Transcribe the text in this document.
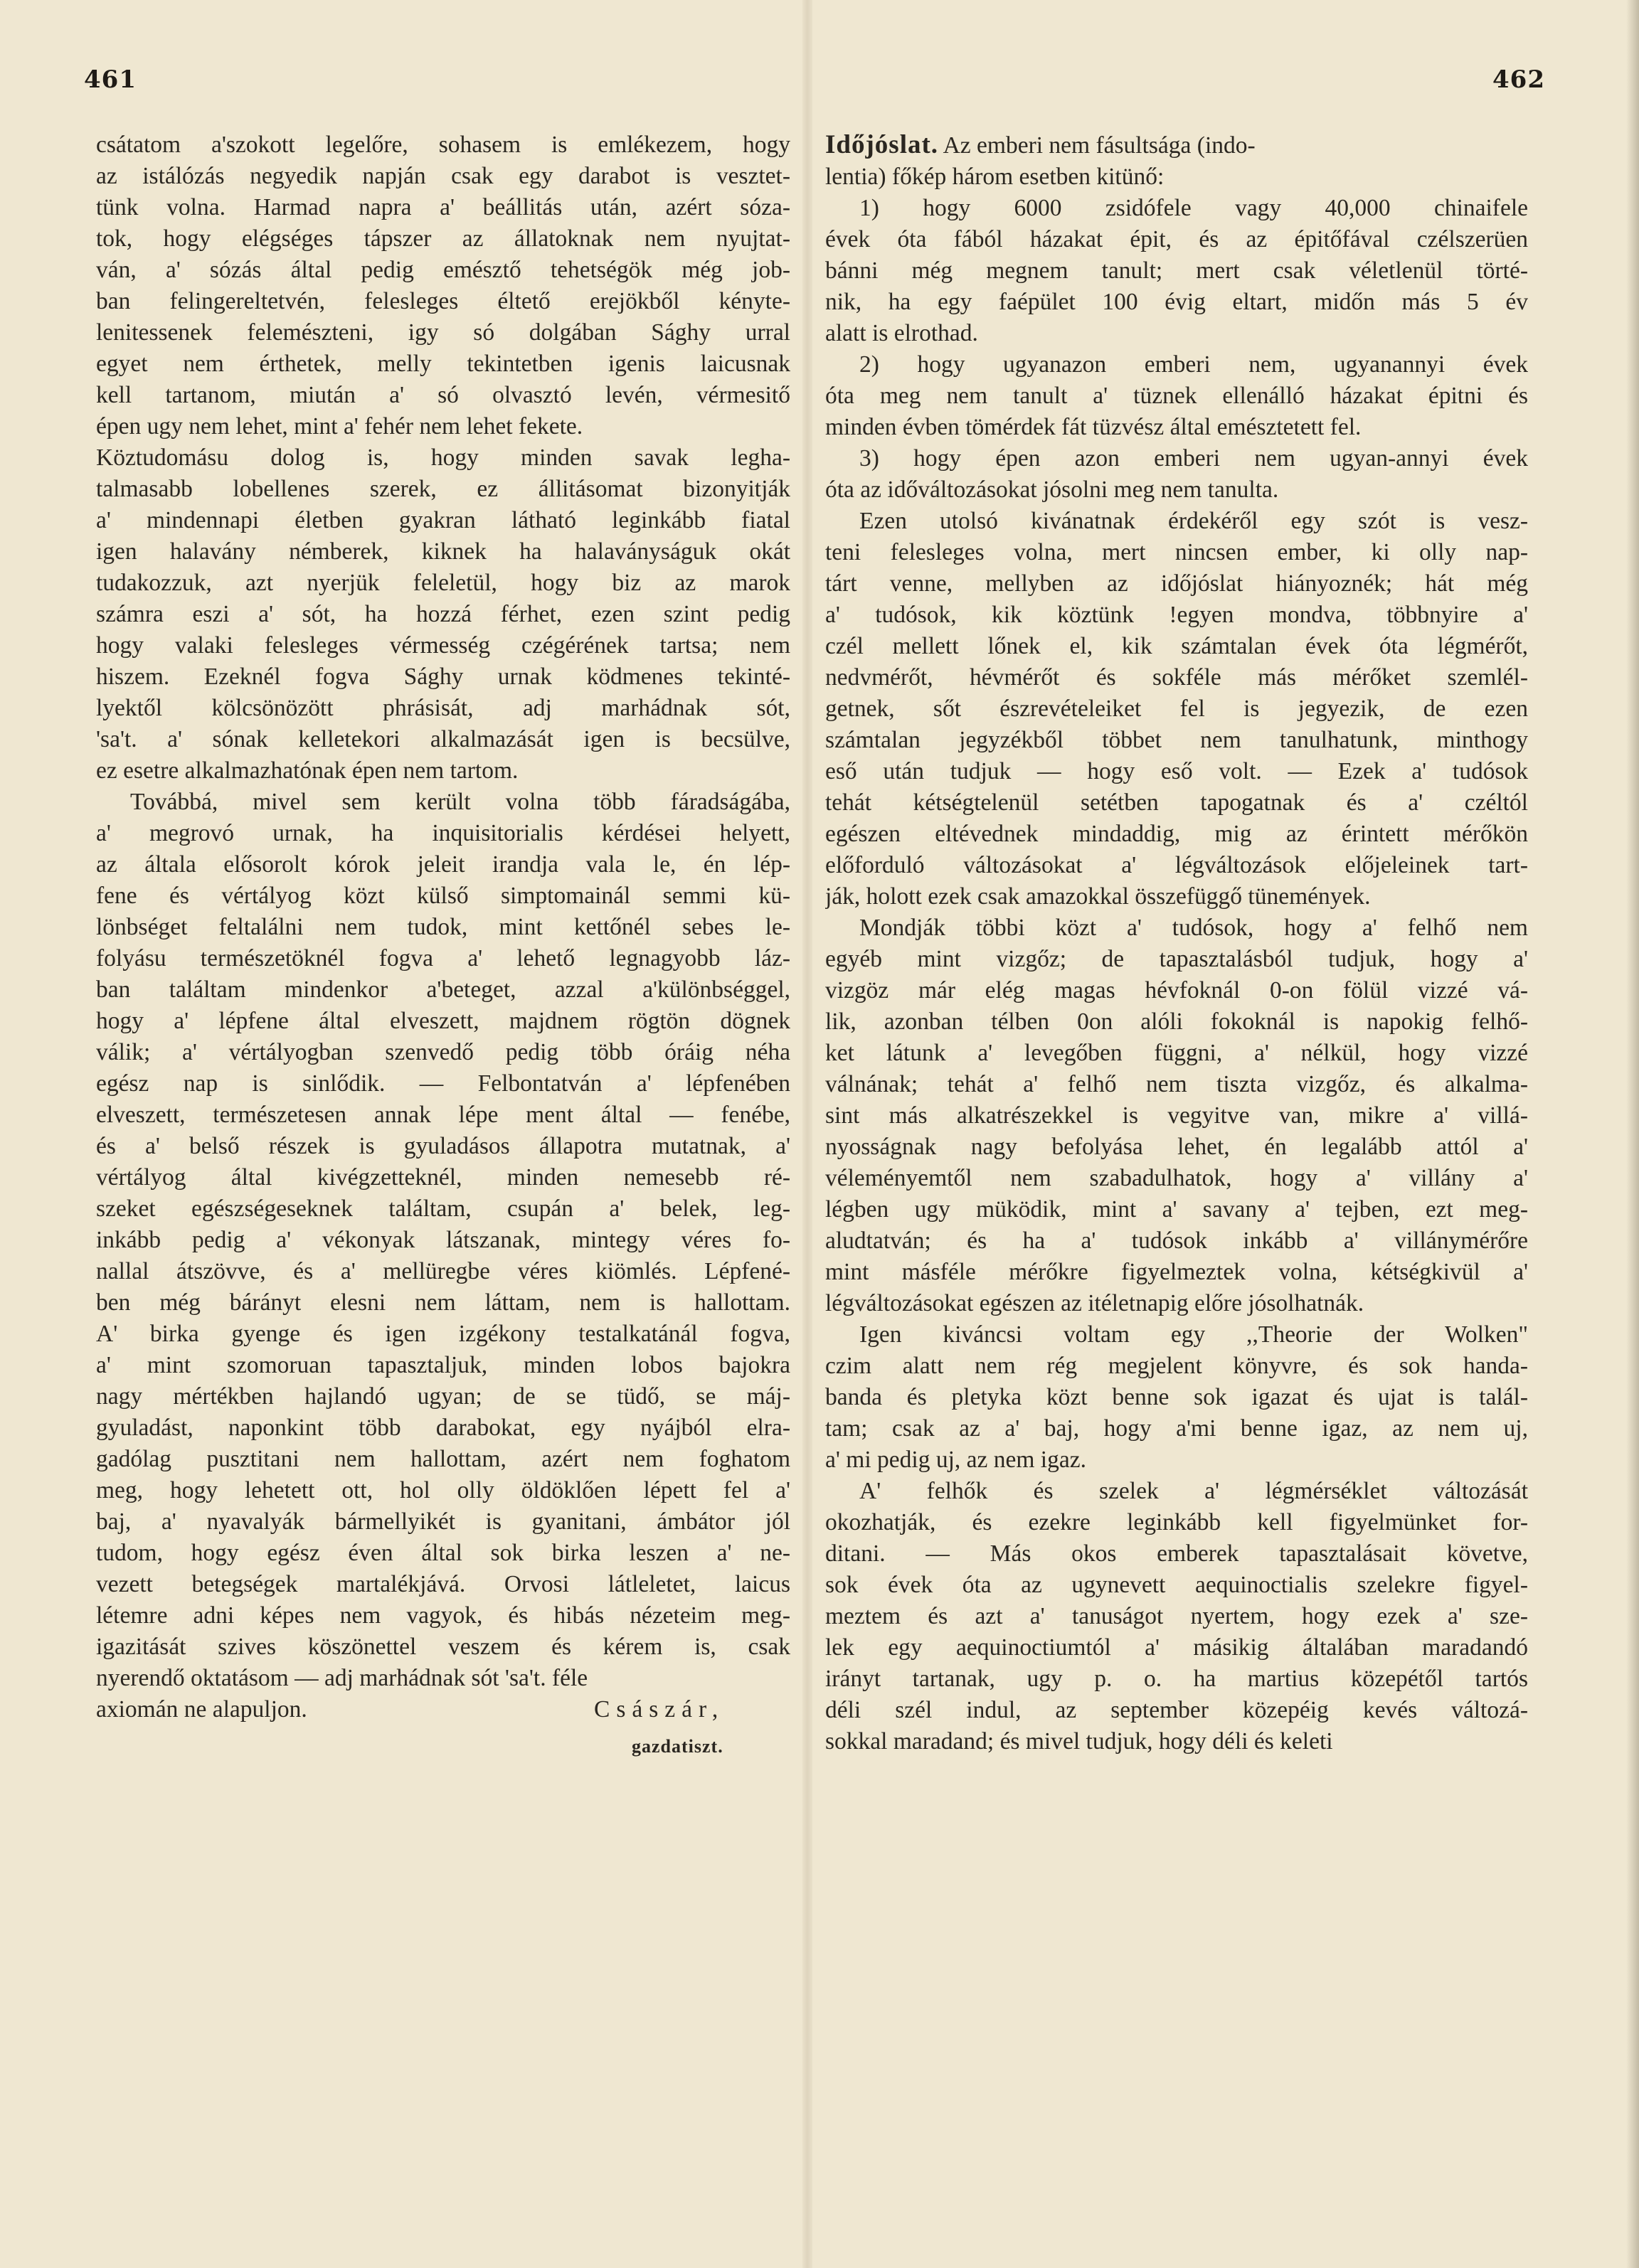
461	462
csátatom a'szokott legelőre, sohasem is emlékezem, hogy
az istálózás negyedik napján csak egy darabot is vesztet-
tünk volna. Harmad napra a' beállitás után, azért sóza-
tok, hogy elégséges tápszer az állatoknak nem nyujtat-
ván, a' sózás által pedig emésztő tehetségök még job-
ban felingereltetvén, felesleges éltető erejökből kényte-
lenitessenek felemészteni, igy só dolgában Sághy urral
egyet nem érthetek, melly tekintetben igenis laicusnak
kell tartanom, miután a' só olvasztó levén, vérmesitő
épen ugy nem lehet, mint a' fehér nem lehet fekete.
Köztudomásu dolog is, hogy minden savak legha-
talmasabb lobellenes szerek, ez állitásomat bizonyitják
a' mindennapi életben gyakran látható leginkább fiatal
igen halavány némberek, kiknek ha halaványságuk okát
tudakozzuk, azt nyerjük feleletül, hogy biz az marok
számra eszi a' sót, ha hozzá férhet, ezen szint pedig
hogy valaki felesleges vérmesség czégérének tartsa; nem
hiszem. Ezeknél fogva Sághy urnak ködmenes tekinté-
lyektől kölcsönözött phrásisát, adj marhádnak sót,
'sa't. a' sónak kelletekori alkalmazását igen is becsülve,
ez esetre alkalmazhatónak épen nem tartom.
Továbbá, mivel sem került volna több fáradságába,
a' megrovó urnak, ha inquisitorialis kérdései helyett,
az általa elősorolt kórok jeleit irandja vala le, én lép-
fene és vértályog közt külső simptomainál semmi kü-
lönbséget feltalálni nem tudok, mint kettőnél sebes le-
folyásu természetöknél fogva a' lehető legnagyobb láz-
ban találtam mindenkor a'beteget, azzal a'különbséggel,
hogy a' lépfene által elveszett, majdnem rögtön dögnek
válik; a' vértályogban szenvedő pedig több óráig néha
egész nap is sinlődik. — Felbontatván a' lépfenében
elveszett, természetesen annak lépe ment által — fenébe,
és a' belső részek is gyuladásos állapotra mutatnak, a'
vértályog által kivégzetteknél, minden nemesebb ré-
szeket egészségeseknek találtam, csupán a' belek, leg-
inkább pedig a' vékonyak látszanak, mintegy véres fo-
nallal átszövve, és a' mellüregbe véres kiömlés. Lépfené-
ben még bárányt elesni nem láttam, nem is hallottam.
A' birka gyenge és igen izgékony testalkatánál fogva,
a' mint szomoruan tapasztaljuk, minden lobos bajokra
nagy mértékben hajlandó ugyan; de se tüdő, se máj-
gyuladást, naponkint több darabokat, egy nyájból elra-
gadólag pusztitani nem hallottam, azért nem foghatom
meg, hogy lehetett ott, hol olly öldöklően lépett fel a'
baj, a' nyavalyák bármellyikét is gyanitani, ámbátor jól
tudom, hogy egész éven által sok birka leszen a' ne-
vezett betegségek martalékjává. Orvosi látleletet, laicus
létemre adni képes nem vagyok, és hibás nézeteim meg-
igazitását szives köszönettel veszem és kérem is, csak
nyerendő oktatásom — adj marhádnak sót 'sa't. féle
axiomán ne alapuljon.	Császár,
gazdatiszt.

Időjóslat. Az emberi nem fásultsága (indo-

lentia) főkép három esetben kitünő:
1) hogy 6000 zsidófele vagy 40,000 chinaifele
évek óta fából házakat épit, és az épitőfával czélszerüen
bánni még megnem tanult; mert csak véletlenül törté-
nik, ha egy faépület 100 évig eltart, midőn más 5 év
alatt is elrothad.
2) hogy ugyanazon emberi nem, ugyanannyi évek
óta meg nem tanult a' tüznek ellenálló házakat épitni és
minden évben tömérdek fát tüzvész által emésztetett fel.
3) hogy épen azon emberi nem ugyan-annyi évek
óta az időváltozásokat jósolni meg nem tanulta.
Ezen utolsó kivánatnak érdekéről egy szót is vesz-
teni felesleges volna, mert nincsen ember, ki olly nap-
tárt venne, mellyben az időjóslat hiányoznék; hát még
a' tudósok, kik köztünk !egyen mondva, többnyire a'
czél mellett lőnek el, kik számtalan évek óta légmérőt,
nedvmérőt, hévmérőt és sokféle más mérőket szemlél-
getnek, sőt észrevételeiket fel is jegyezik, de ezen
számtalan jegyzékből többet nem tanulhatunk, minthogy
eső után tudjuk — hogy eső volt. — Ezek a' tudósok
tehát kétségtelenül setétben tapogatnak és a' czéltól
egészen eltévednek mindaddig, mig az érintett mérőkön
előforduló változásokat a' légváltozások előjeleinek tart-
ják, holott ezek csak amazokkal összefüggő tünemények.
Mondják többi közt a' tudósok, hogy a' felhő nem
egyéb mint vizgőz; de tapasztalásból tudjuk, hogy a'
vizgöz már elég magas hévfoknál 0-on fölül vizzé vá-
lik, azonban télben 0on alóli fokoknál is napokig felhő-
ket látunk a' levegőben függni, a' nélkül, hogy vizzé
válnának; tehát a' felhő nem tiszta vizgőz, és alkalma-
sint más alkatrészekkel is vegyitve van, mikre a' villá-
nyosságnak nagy befolyása lehet, én legalább attól a'
véleményemtől nem szabadulhatok, hogy a' villány a'
légben ugy müködik, mint a' savany a' tejben, ezt meg-
aludtatván; és ha a' tudósok inkább a' villánymérőre
mint másféle mérőkre figyelmeztek volna, kétségkivül a'
légváltozásokat egészen az itéletnapig előre jósolhatnák.
Igen kiváncsi voltam egy ,,Theorie der Wolken"
czim alatt nem rég megjelent könyvre, és sok handa-
banda és pletyka közt benne sok igazat és ujat is talál-
tam; csak az a' baj, hogy a'mi benne igaz, az nem uj,
a' mi pedig uj, az nem igaz.
A' felhők és szelek a' légmérséklet változását
okozhatják, és ezekre leginkább kell figyelmünket for-
ditani. — Más okos emberek tapasztalásait követve,
sok évek óta az ugynevett aequinoctialis szelekre figyel-
meztem és azt a' tanuságot nyertem, hogy ezek a' sze-
lek egy aequinoctiumtól a' másikig általában maradandó
irányt tartanak, ugy p. o. ha martius közepétől tartós
déli szél indul, az september közepéig kevés változá-
sokkal maradand; és mivel tudjuk, hogy déli és keleti
